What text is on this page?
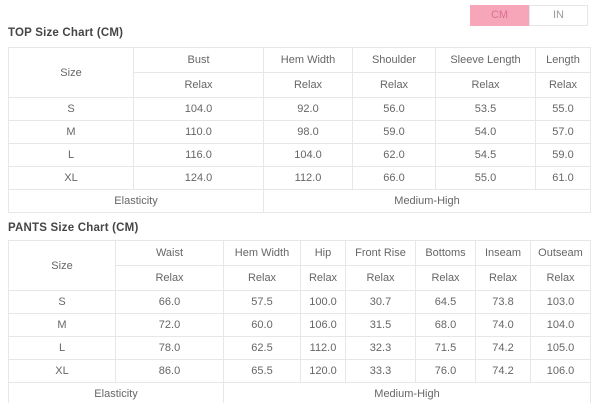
CM	IN
TOP Size Chart (CM)
Size	Bust	Hem Width	Shoulder	Sleeve Length	Length
	Relax	Relax	Relax	Relax	Relax
S	104.0	92.0	56.0	53.5	55.0
M	110.0	98.0	59.0	54.0	57.0
L	116.0	104.0	62.0	54.5	59.0
XL	124.0	112.0	66.0	55.0	61.0
Elasticity		Medium-High			
PANTS Size Chart (CM)
Size	Waist	Hem Width	Hip	Front Rise	Bottoms	Inseam	Outseam
	Relax	Relax	Relax	Relax	Relax	Relax	Relax
S	66.0	57.5	100.0	30.7	64.5	73.8	103.0
M	72.0	60.0	106.0	31.5	68.0	74.0	104.0
L	78.0	62.5	112.0	32.3	71.5	74.2	105.0
XL	86.0	65.5	120.0	33.3	76.0	74.2	106.0
Elasticity		Medium-High					
